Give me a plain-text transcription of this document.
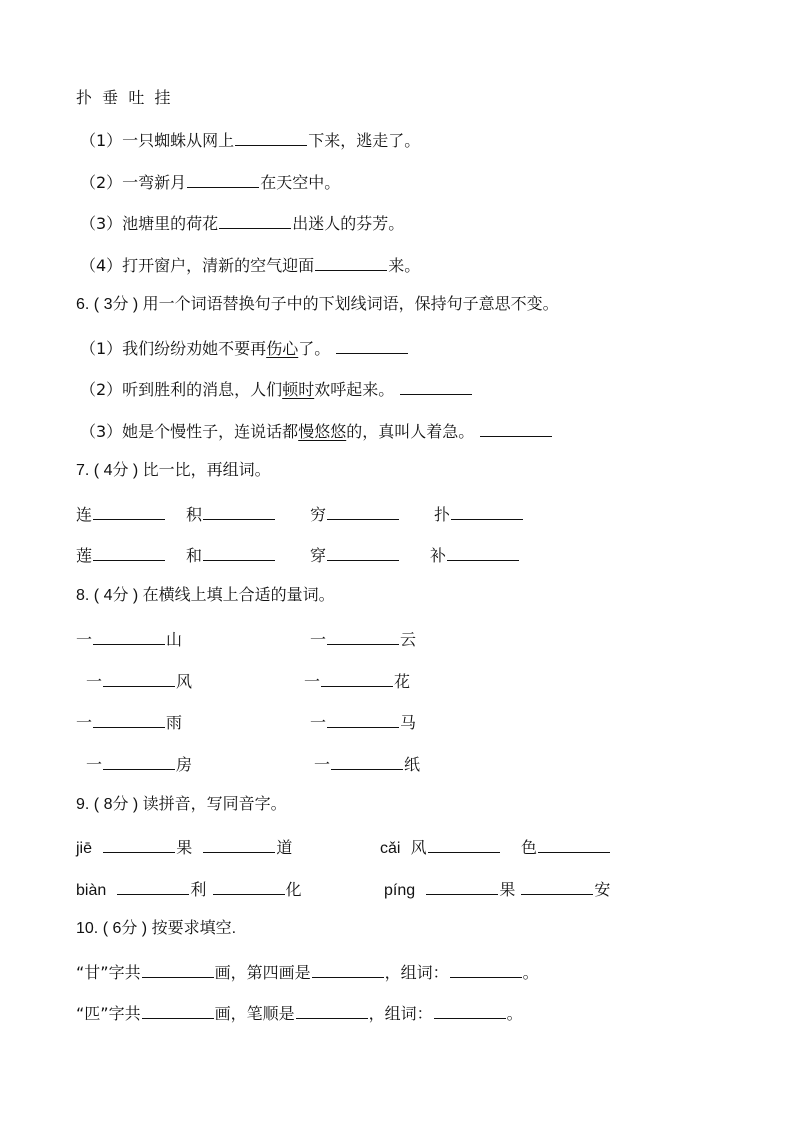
扑  垂  吐  挂
（1）一只蜘蛛从网上	下来，逃走了。
（2）一弯新月	在天空中。
（3）池塘里的荷花	出迷人的芬芳。
（4）打开窗户，清新的空气迎面	来。
6. ( 3分 ) 用一个词语替换句子中的下划线词语，保持句子意思不变。
（1）我们纷纷劝她不要再伤心了。
（2）听到胜利的消息，人们顿时欢呼起来。
（3）她是个慢性子，连说话都慢悠悠的，真叫人着急。
7. ( 4分 ) 比一比，再组词。
连	积	穷	扑
莲	和	穿	补
8. ( 4分 ) 在横线上填上合适的量词。
一	山	一	云
一	风	一	花
一	雨	一	马
一	房	一	纸
9. ( 8分 ) 读拼音，写同音字。
jiē	果	道	cǎi 风	色
biàn	利	化	píng	果	安
10. ( 6分 ) 按要求填空.
“甘”字共	画，第四画是	，组词：	。
“匹”字共	画，笔顺是	，组词：	。
